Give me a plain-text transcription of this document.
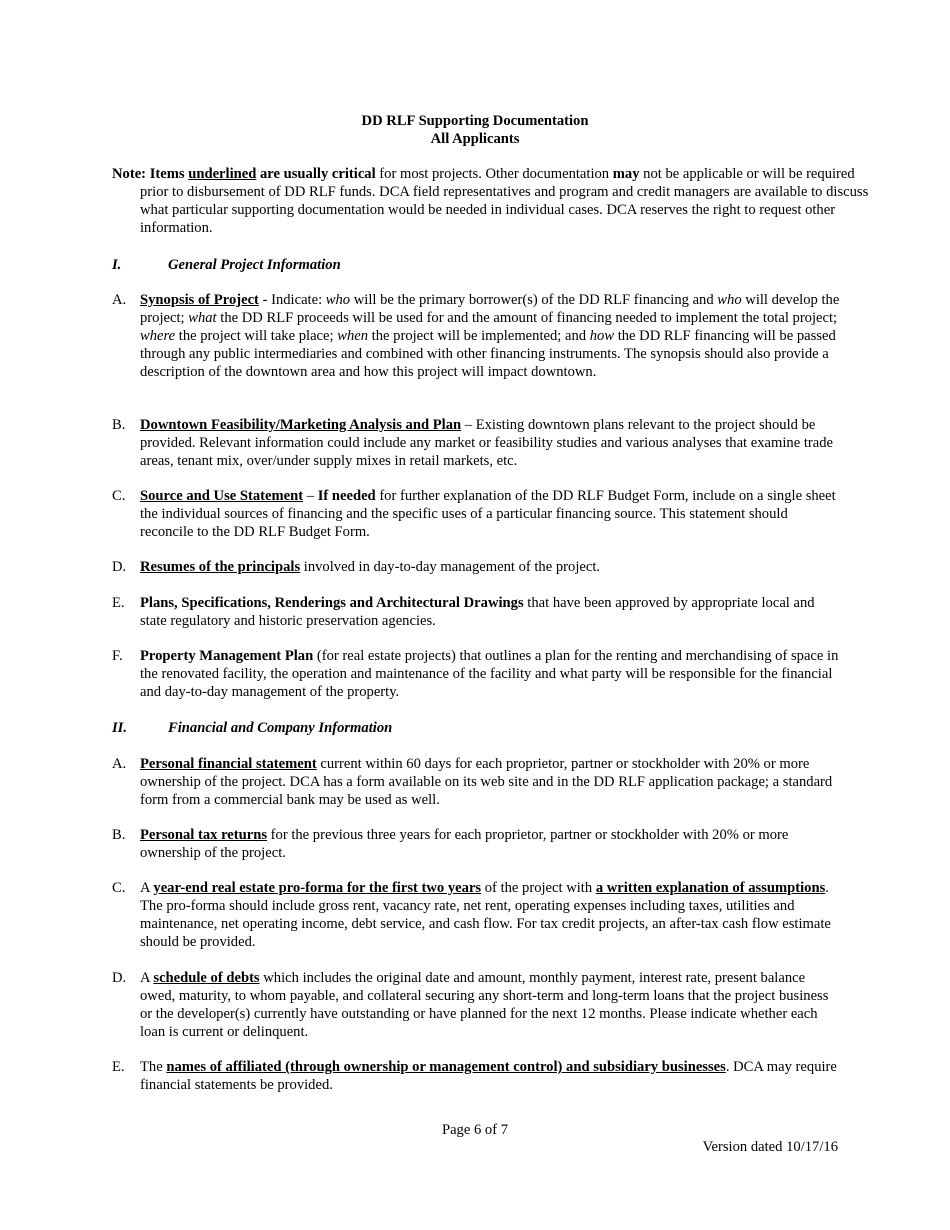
DD RLF Supporting Documentation
All Applicants
Note: Items underlined are usually critical for most projects. Other documentation may not be applicable or will be required prior to disbursement of DD RLF funds. DCA field representatives and program and credit managers are available to discuss what particular supporting documentation would be needed in individual cases. DCA reserves the right to request other information.
I.	General Project Information
A. Synopsis of Project - Indicate: who will be the primary borrower(s) of the DD RLF financing and who will develop the project; what the DD RLF proceeds will be used for and the amount of financing needed to implement the total project; where the project will take place; when the project will be implemented; and how the DD RLF financing will be passed through any public intermediaries and combined with other financing instruments. The synopsis should also provide a description of the downtown area and how this project will impact downtown.
B. Downtown Feasibility/Marketing Analysis and Plan – Existing downtown plans relevant to the project should be provided. Relevant information could include any market or feasibility studies and various analyses that examine trade areas, tenant mix, over/under supply mixes in retail markets, etc.
C. Source and Use Statement – If needed for further explanation of the DD RLF Budget Form, include on a single sheet the individual sources of financing and the specific uses of a particular financing source. This statement should reconcile to the DD RLF Budget Form.
D. Resumes of the principals involved in day-to-day management of the project.
E. Plans, Specifications, Renderings and Architectural Drawings that have been approved by appropriate local and state regulatory and historic preservation agencies.
F. Property Management Plan (for real estate projects) that outlines a plan for the renting and merchandising of space in the renovated facility, the operation and maintenance of the facility and what party will be responsible for the financial and day-to-day management of the property.
II.	Financial and Company Information
A. Personal financial statement current within 60 days for each proprietor, partner or stockholder with 20% or more ownership of the project. DCA has a form available on its web site and in the DD RLF application package; a standard form from a commercial bank may be used as well.
B. Personal tax returns for the previous three years for each proprietor, partner or stockholder with 20% or more ownership of the project.
C. A year-end real estate pro-forma for the first two years of the project with a written explanation of assumptions. The pro-forma should include gross rent, vacancy rate, net rent, operating expenses including taxes, utilities and maintenance, net operating income, debt service, and cash flow. For tax credit projects, an after-tax cash flow estimate should be provided.
D. A schedule of debts which includes the original date and amount, monthly payment, interest rate, present balance owed, maturity, to whom payable, and collateral securing any short-term and long-term loans that the project business or the developer(s) currently have outstanding or have planned for the next 12 months. Please indicate whether each loan is current or delinquent.
E. The names of affiliated (through ownership or management control) and subsidiary businesses. DCA may require financial statements be provided.
Page 6 of 7
Version dated 10/17/16
